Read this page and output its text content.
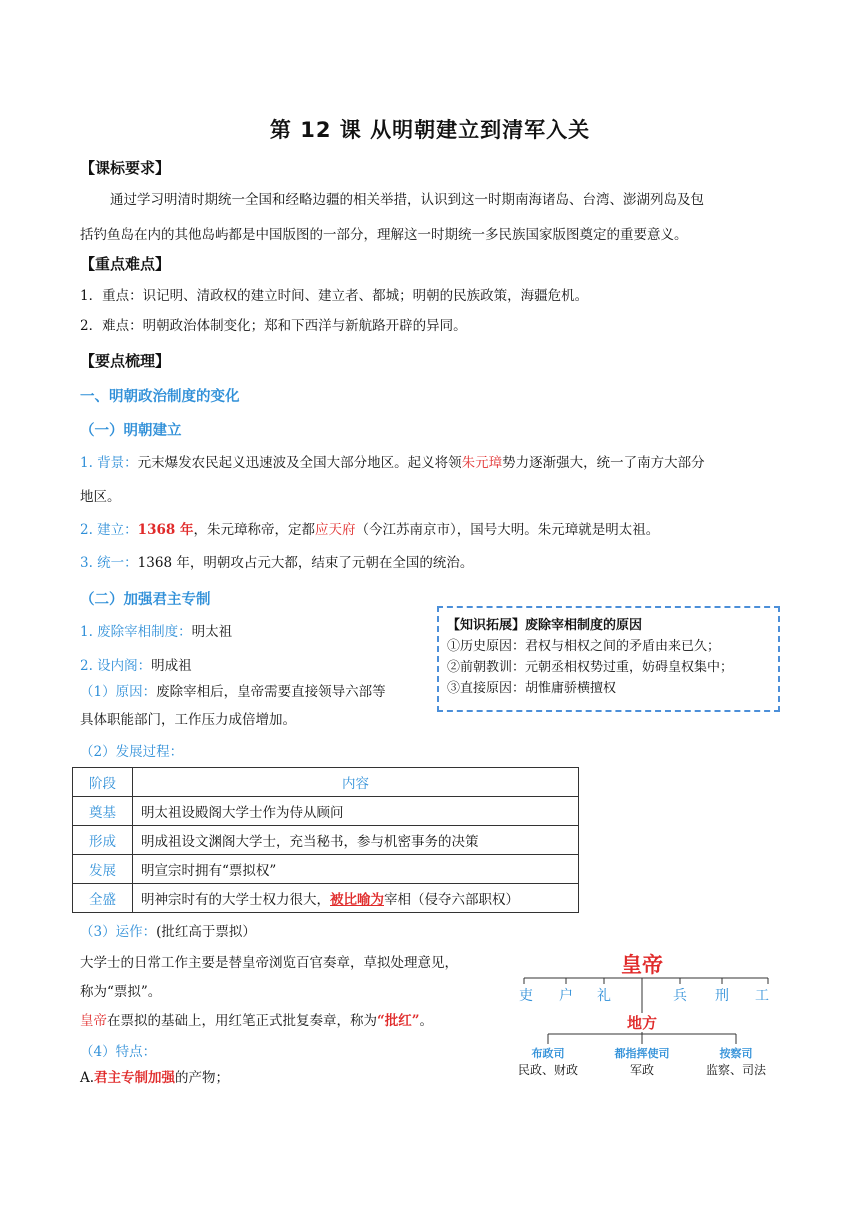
第 12 课 从明朝建立到清军入关
【课标要求】
通过学习明清时期统一全国和经略边疆的相关举措，认识到这一时期南海诸岛、台湾、澎湖列岛及包
括钓鱼岛在内的其他岛屿都是中国版图的一部分，理解这一时期统一多民族国家版图奠定的重要意义。
【重点难点】
1．重点：识记明、清政权的建立时间、建立者、都城；明朝的民族政策，海疆危机。
2．难点：明朝政治体制变化；郑和下西洋与新航路开辟的异同。
【要点梳理】
一、明朝政治制度的变化
（一）明朝建立
1. 背景：元末爆发农民起义迅速波及全国大部分地区。起义将领朱元璋势力逐渐强大，统一了南方大部分
地区。
2. 建立：1368 年，朱元璋称帝，定都应天府（今江苏南京市），国号大明。朱元璋就是明太祖。
3. 统一：1368 年，明朝攻占元大都，结束了元朝在全国的统治。
（二）加强君主专制
1. 废除宰相制度：明太祖
2. 设内阁：明成祖
（1）原因：废除宰相后，皇帝需要直接领导六部等
具体职能部门，工作压力成倍增加。
（2）发展过程：
【知识拓展】废除宰相制度的原因
①历史原因：君权与相权之间的矛盾由来已久；
②前朝教训：元朝丞相权势过重，妨碍皇权集中；
③直接原因：胡惟庸骄横擅权
阶段	内容
奠基	明太祖设殿阁大学士作为侍从顾问
形成	明成祖设文渊阁大学士，充当秘书，参与机密事务的决策
发展	明宣宗时拥有“票拟权”
全盛	明神宗时有的大学士权力很大，被比喻为宰相（侵夺六部职权）
（3）运作：(批红高于票拟）
大学士的日常工作主要是替皇帝浏览百官奏章，草拟处理意见，
称为“票拟”。
皇帝在票拟的基础上，用红笔正式批复奏章，称为“批红”。
（4）特点：
A.君主专制加强的产物；
皇帝
吏 户 礼	兵 刑 工
地方
布政司	都指挥使司	按察司
民政、财政	军政	监察、司法
